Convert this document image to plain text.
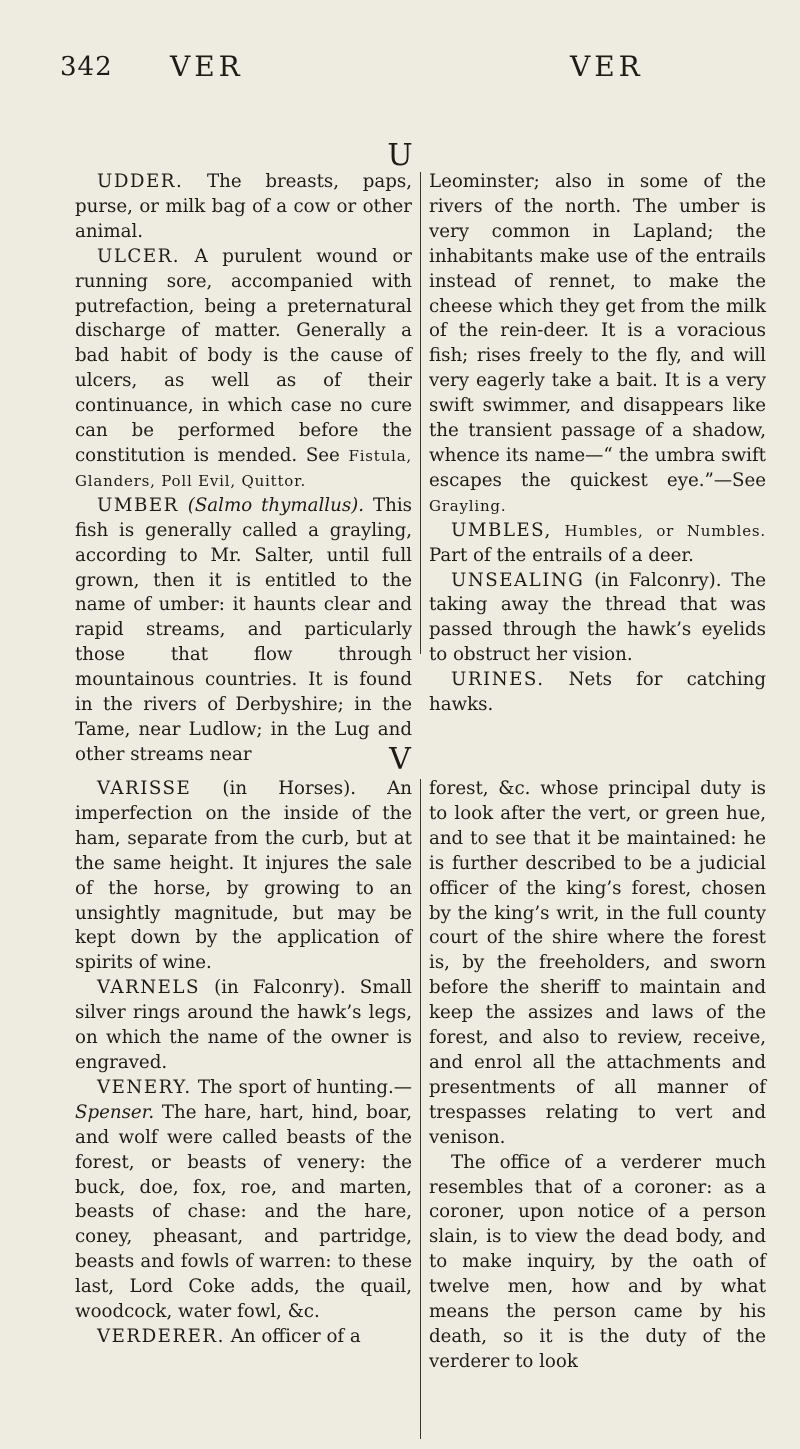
342 VER	VER
U

UDDER. The breasts, paps, purse, or milk bag of a cow or other animal.

ULCER. A purulent wound or running sore, accompanied with putrefaction, being a preternatural discharge of matter. Generally a bad habit of body is the cause of ulcers, as well as of their continuance, in which case no cure can be performed before the constitution is mended. See Fistula, Glanders, Poll Evil, Quittor.

UMBER (Salmo thymallus). This fish is generally called a grayling, according to Mr. Salter, until full grown, then it is entitled to the name of umber: it haunts clear and rapid streams, and particularly those that flow through mountainous countries. It is found in the rivers of Derbyshire; in the Tame, near Ludlow; in the Lug and other streams near

Leominster; also in some of the rivers of the north. The umber is very common in Lapland; the inhabitants make use of the entrails instead of rennet, to make the cheese which they get from the milk of the rein-deer. It is a voracious fish; rises freely to the fly, and will very eagerly take a bait. It is a very swift swimmer, and disappears like the transient passage of a shadow, whence its name—“ the umbra swift escapes the quickest eye.”—See Grayling.

UMBLES, Humbles, or Numbles. Part of the entrails of a deer.

UNSEALING (in Falconry). The taking away the thread that was passed through the hawk’s eyelids to obstruct her vision.

URINES. Nets for catching hawks.

V

VARISSE (in Horses). An imperfection on the inside of the ham, separate from the curb, but at the same height. It injures the sale of the horse, by growing to an unsightly magnitude, but may be kept down by the application of spirits of wine.

VARNELS (in Falconry). Small silver rings around the hawk’s legs, on which the name of the owner is engraved.

VENERY. The sport of hunting.—Spenser. The hare, hart, hind, boar, and wolf were called beasts of the forest, or beasts of venery: the buck, doe, fox, roe, and marten, beasts of chase: and the hare, coney, pheasant, and partridge, beasts and fowls of warren: to these last, Lord Coke adds, the quail, woodcock, water fowl, &c.

VERDERER. An officer of a

forest, &c. whose principal duty is to look after the vert, or green hue, and to see that it be maintained: he is further described to be a judicial officer of the king’s forest, chosen by the king’s writ, in the full county court of the shire where the forest is, by the freeholders, and sworn before the sheriff to maintain and keep the assizes and laws of the forest, and also to review, receive, and enrol all the attachments and presentments of all manner of trespasses relating to vert and venison.

The office of a verderer much resembles that of a coroner: as a coroner, upon notice of a person slain, is to view the dead body, and to make inquiry, by the oath of twelve men, how and by what means the person came by his death, so it is the duty of the verderer to look
